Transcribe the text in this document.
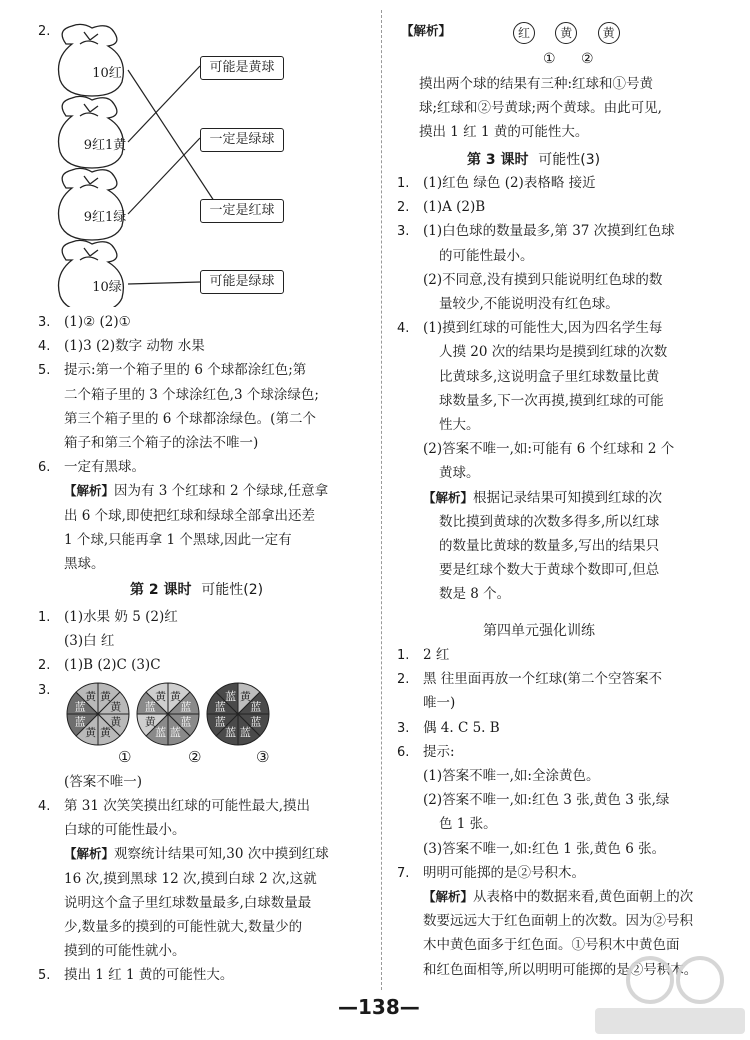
2.
10红
9红1黄
9红1绿
10绿
可能是黄球
一定是绿球
一定是红球
可能是绿球
3. (1)② (2)①
4. (1)3 (2)数字 动物 水果
5. 提示:第一个箱子里的 6 个球都涂红色;第
二个箱子里的 3 个球涂红色,3 个球涂绿色;
第三个箱子里的 6 个球都涂绿色。(第二个
箱子和第三个箱子的涂法不唯一)
6. 一定有黑球。
【解析】因为有 3 个红球和 2 个绿球,任意拿
出 6 个球,即使把红球和绿球全部拿出还差
1 个球,只能再拿 1 个黑球,因此一定有
黑球。
第 2 课时 可能性(2)
1. (1)水果 奶 5 (2)红
(3)白 红
2. (1)B (2)C (3)C
3.	黄
黄
黄
黄
黄
蓝
蓝
黄	黄
蓝
蓝
蓝
蓝
黄
蓝
黄	黄
蓝
蓝
蓝
蓝
蓝
蓝
蓝
①	②	③
(答案不唯一)
4. 第 31 次笑笑摸出红球的可能性最大,摸出
白球的可能性最小。
【解析】观察统计结果可知,30 次中摸到红球
16 次,摸到黑球 12 次,摸到白球 2 次,这就
说明这个盒子里红球数量最多,白球数量最
少,数量多的摸到的可能性就大,数量少的
摸到的可能性就小。
5. 摸出 1 红 1 黄的可能性大。
【解析】	红	黄	黄
① ②
摸出两个球的结果有三种:红球和①号黄
球;红球和②号黄球;两个黄球。由此可见,
摸出 1 红 1 黄的可能性大。
第 3 课时 可能性(3)
1. (1)红色 绿色 (2)表格略 接近
2. (1)A (2)B
3. (1)白色球的数量最多,第 37 次摸到红色球
的可能性最小。
(2)不同意,没有摸到只能说明红色球的数
量较少,不能说明没有红色球。
4. (1)摸到红球的可能性大,因为四名学生每
人摸 20 次的结果均是摸到红球的次数
比黄球多,这说明盒子里红球数量比黄
球数量多,下一次再摸,摸到红球的可能
性大。
(2)答案不唯一,如:可能有 6 个红球和 2 个
黄球。
【解析】根据记录结果可知摸到红球的次
数比摸到黄球的次数多得多,所以红球
的数量比黄球的数量多,写出的结果只
要是红球个数大于黄球个数即可,但总
数是 8 个。
第四单元强化训练
1. 2 红
2. 黑 往里面再放一个红球(第二个空答案不
唯一)
3. 偶 4. C 5. B
6. 提示:
(1)答案不唯一,如:全涂黄色。
(2)答案不唯一,如:红色 3 张,黄色 3 张,绿
色 1 张。
(3)答案不唯一,如:红色 1 张,黄色 6 张。
7. 明明可能掷的是②号积木。
【解析】从表格中的数据来看,黄色面朝上的次
数要远远大于红色面朝上的次数。因为②号积
木中黄色面多于红色面。①号积木中黄色面
和红色面相等,所以明明可能掷的是②号积木。
—138—
